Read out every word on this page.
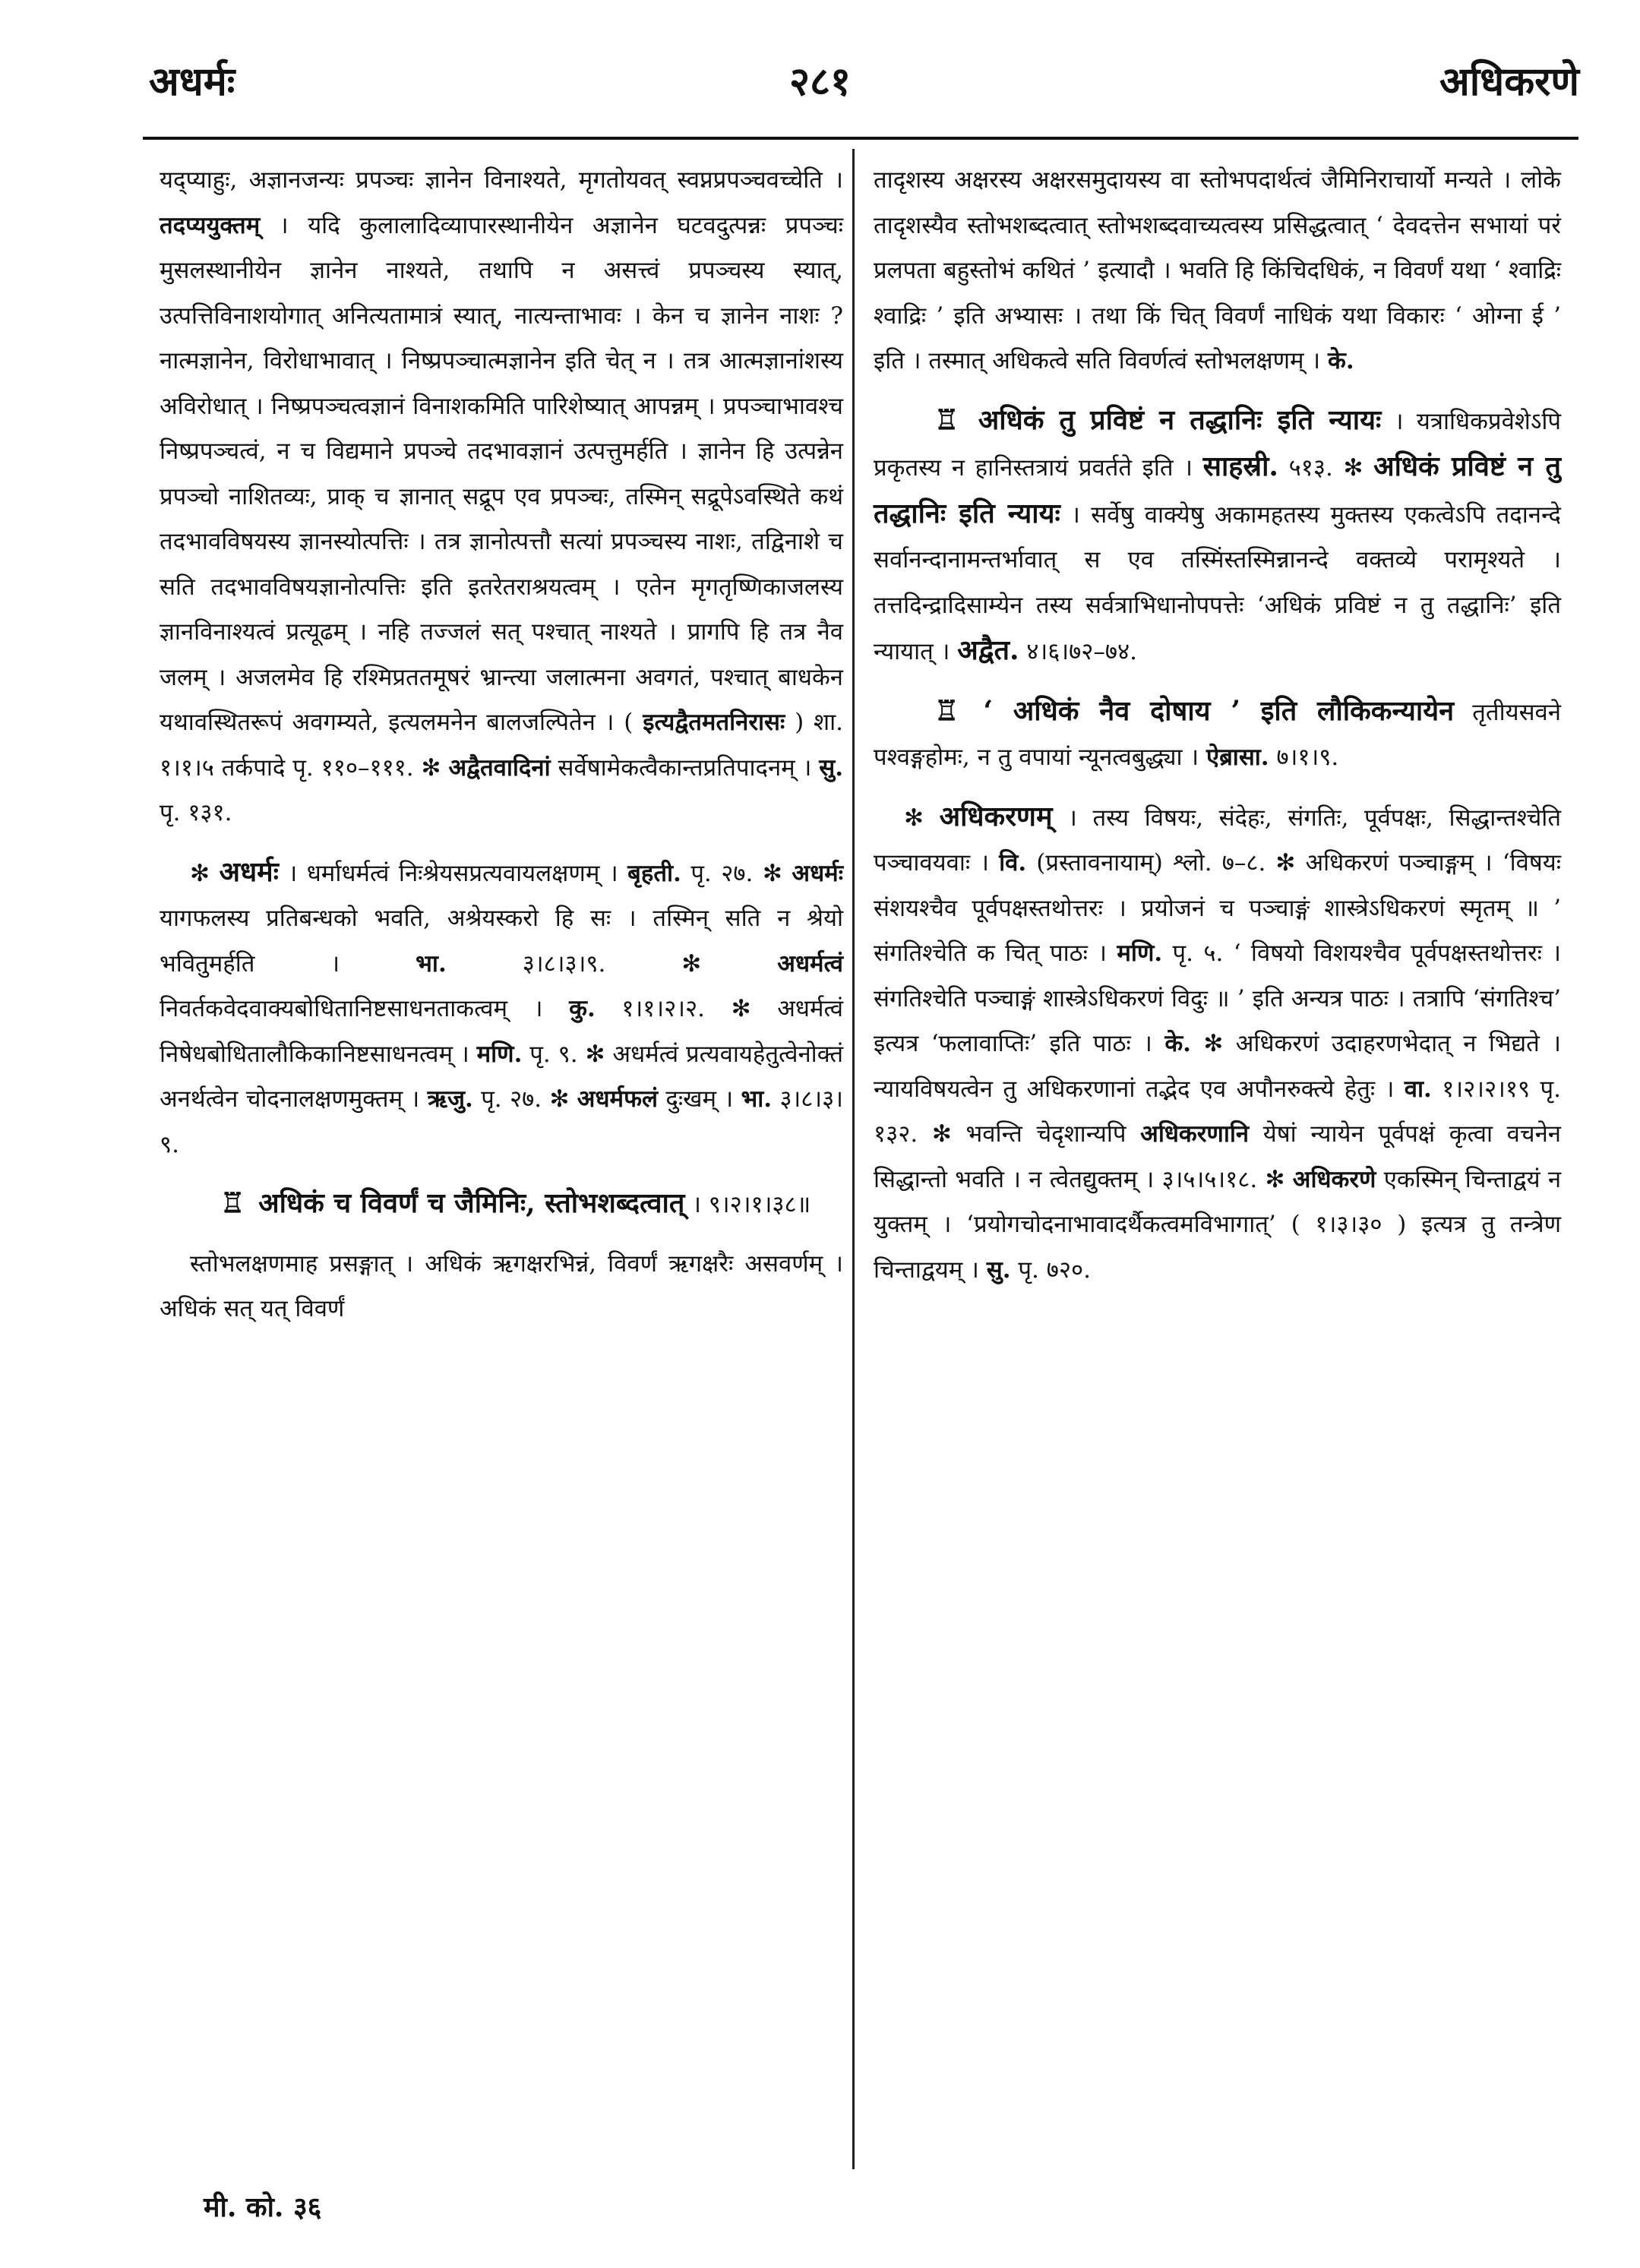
अधर्मः	२८१	अधिकरणे

यद्प्याहुः, अज्ञानजन्यः प्रपञ्चः ज्ञानेन विनाश्यते, मृगतोयवत् स्वप्नप्रपञ्चवच्चेति । तदप्ययुक्तम् । यदि कुलालादिव्यापारस्थानीयेन अज्ञानेन घटवदुत्पन्नः प्रपञ्चः मुसलस्थानीयेन ज्ञानेन नाश्यते, तथापि न असत्त्वं प्रपञ्चस्य स्यात्, उत्पत्तिविनाशयोगात् अनित्यतामात्रं स्यात्, नात्यन्ताभावः । केन च ज्ञानेन नाशः ? नात्मज्ञानेन, विरोधाभावात् । निष्प्रपञ्चात्मज्ञानेन इति चेत् न । तत्र आत्मज्ञानांशस्य अविरोधात् । निष्प्रपञ्चत्वज्ञानं विनाशकमिति पारिशेष्यात् आपन्नम् । प्रपञ्चाभावश्च निष्प्रपञ्चत्वं, न च विद्यमाने प्रपञ्चे तदभावज्ञानं उत्पत्तुमर्हति । ज्ञानेन हि उत्पन्नेन प्रपञ्चो नाशितव्यः, प्राक् च ज्ञानात् सद्रूप एव प्रपञ्चः, तस्मिन् सद्रूपेऽवस्थिते कथं तदभावविषयस्य ज्ञानस्योत्पत्तिः । तत्र ज्ञानोत्पत्तौ सत्यां प्रपञ्चस्य नाशः, तद्विनाशे च सति तदभावविषयज्ञानोत्पत्तिः इति इतरेतराश्रयत्वम् । एतेन मृगतृष्णिकाजलस्य ज्ञानविनाश्यत्वं प्रत्यूढम् । नहि तज्जलं सत् पश्चात् नाश्यते । प्रागपि हि तत्र नैव जलम् । अजलमेव हि रश्मिप्रततमूषरं भ्रान्त्या जलात्मना अवगतं, पश्चात् बाधकेन यथावस्थितरूपं अवगम्यते, इत्यलमनेन बालजल्पितेन । ( इत्यद्वैतमतनिरासः ) शा. १।१।५ तर्कपादे पृ. ११०–१११. ✻ अद्वैतवादिनां सर्वेषामेकत्वैकान्तप्रतिपादनम् । सु. पृ. १३१.

✻ अधर्मः । धर्माधर्मत्वं निःश्रेयसप्रत्यवायलक्षणम् । बृहती. पृ. २७. ✻ अधर्मः यागफलस्य प्रतिबन्धको भवति, अश्रेयस्करो हि सः । तस्मिन् सति न श्रेयो भवितुमर्हति ।	भा.	३।८।३।९. ✻	अधर्मत्वं निवर्तकवेदवाक्यबोधितानिष्टसाधनताकत्वम् । कु. १।१।२।२. ✻ अधर्मत्वं निषेधबोधितालौकिकानिष्टसाधनत्वम् । मणि. पृ. ९. ✻ अधर्मत्वं प्रत्यवायहेतुत्वेनोक्तं अनर्थत्वेन चोदनालक्षणमुक्तम् । ऋजु. पृ. २७. ✻ अधर्मफलं दुःखम् । भा. ३।८।३।९.

♖ अधिकं च विवर्णं च जैमिनिः, स्तोभशब्दत्वात् । ९।२।१।३८॥

स्तोभलक्षणमाह प्रसङ्गात् । अधिकं ऋगक्षरभिन्नं, विवर्णं ऋगक्षरैः असवर्णम् । अधिकं सत् यत् विवर्णं

तादृशस्य अक्षरस्य अक्षरसमुदायस्य वा स्तोभपदार्थत्वं जैमिनिराचार्यो मन्यते । लोके तादृशस्यैव स्तोभशब्दत्वात् स्तोभशब्दवाच्यत्वस्य प्रसिद्धत्वात् ‘ देवदत्तेन सभायां परं प्रलपता बहुस्तोभं कथितं ’ इत्यादौ । भवति हि किंचिदधिकं, न विवर्णं यथा ‘ श्वाद्रिः श्वाद्रिः ’ इति अभ्यासः । तथा किं चित् विवर्णं नाधिकं यथा विकारः ‘ ओग्ना ई ’ इति । तस्मात् अधिकत्वे सति विवर्णत्वं स्तोभलक्षणम् । के.

♖ अधिकं तु प्रविष्टं न तद्धानिः इति न्यायः । यत्राधिकप्रवेशेऽपि प्रकृतस्य न हानिस्तत्रायं प्रवर्तते इति । साहस्री. ५१३. ✻ अधिकं प्रविष्टं न तु तद्धानिः इति न्यायः । सर्वेषु वाक्येषु अकामहतस्य मुक्तस्य एकत्वेऽपि तदानन्दे सर्वानन्दानामन्तर्भावात् स एव तस्मिंस्तस्मिन्नानन्दे वक्तव्ये परामृश्यते । तत्तदिन्द्रादिसाम्येन तस्य सर्वत्राभिधानोपपत्तेः ‘अधिकं प्रविष्टं न तु तद्धानिः’ इति न्यायात् । अद्वैत. ४।६।७२–७४.

♖ ‘ अधिकं नैव दोषाय ’ इति लौकिकन्यायेन तृतीयसवने पश्वङ्गहोमः, न तु वपायां न्यूनत्वबुद्ध्या । ऐब्रासा. ७।१।९.

✻ अधिकरणम् । तस्य विषयः, संदेहः, संगतिः, पूर्वपक्षः, सिद्धान्तश्चेति पञ्चावयवाः । वि. (प्रस्तावनायाम्) श्लो. ७–८. ✻ अधिकरणं पञ्चाङ्गम् । ‘विषयः संशयश्चैव पूर्वपक्षस्तथोत्तरः । प्रयोजनं च पञ्चाङ्गं शास्त्रेऽधिकरणं स्मृतम् ॥ ’ संगतिश्चेति क चित् पाठः । मणि. पृ. ५. ‘ विषयो विशयश्चैव पूर्वपक्षस्तथोत्तरः । संगतिश्चेति पञ्चाङ्गं शास्त्रेऽधिकरणं विदुः ॥ ’ इति अन्यत्र पाठः । तत्रापि ‘संगतिश्च’ इत्यत्र ‘फलावाप्तिः’ इति पाठः । के. ✻ अधिकरणं उदाहरणभेदात् न भिद्यते । न्यायविषयत्वेन तु अधिकरणानां तद्भेद एव अपौनरुक्त्ये हेतुः । वा. १।२।२।१९ पृ. १३२. ✻ भवन्ति चेदृशान्यपि अधिकरणानि येषां न्यायेन पूर्वपक्षं कृत्वा वचनेन सिद्धान्तो भवति । न त्वेतद्युक्तम् । ३।५।५।१८. ✻ अधिकरणे एकस्मिन् चिन्ताद्वयं न युक्तम् । ‘प्रयोगचोदनाभावादर्थैकत्वमविभागात्’ ( १।३।३० ) इत्यत्र तु तन्त्रेण चिन्ताद्वयम् । सु. पृ. ७२०.

मी. को. ३६
